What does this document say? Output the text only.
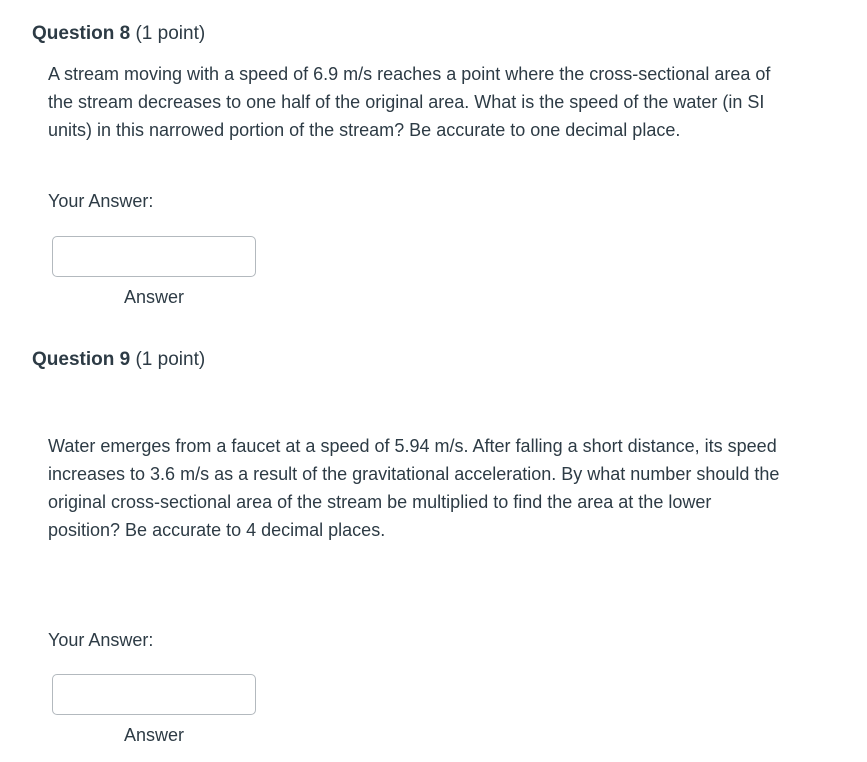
Question 8 (1 point)

A stream moving with a speed of 6.9 m/s reaches a point where the cross-sectional area of the stream decreases to one half of the original area. What is the speed of the water (in SI units) in this narrowed portion of the stream? Be accurate to one decimal place.

Your Answer:
Answer
Question 9 (1 point)

Water emerges from a faucet at a speed of 5.94 m/s. After falling a short distance, its speed increases to 3.6 m/s as a result of the gravitational acceleration. By what number should the original cross-sectional area of the stream be multiplied to find the area at the lower position? Be accurate to 4 decimal places.

Your Answer:
Answer
